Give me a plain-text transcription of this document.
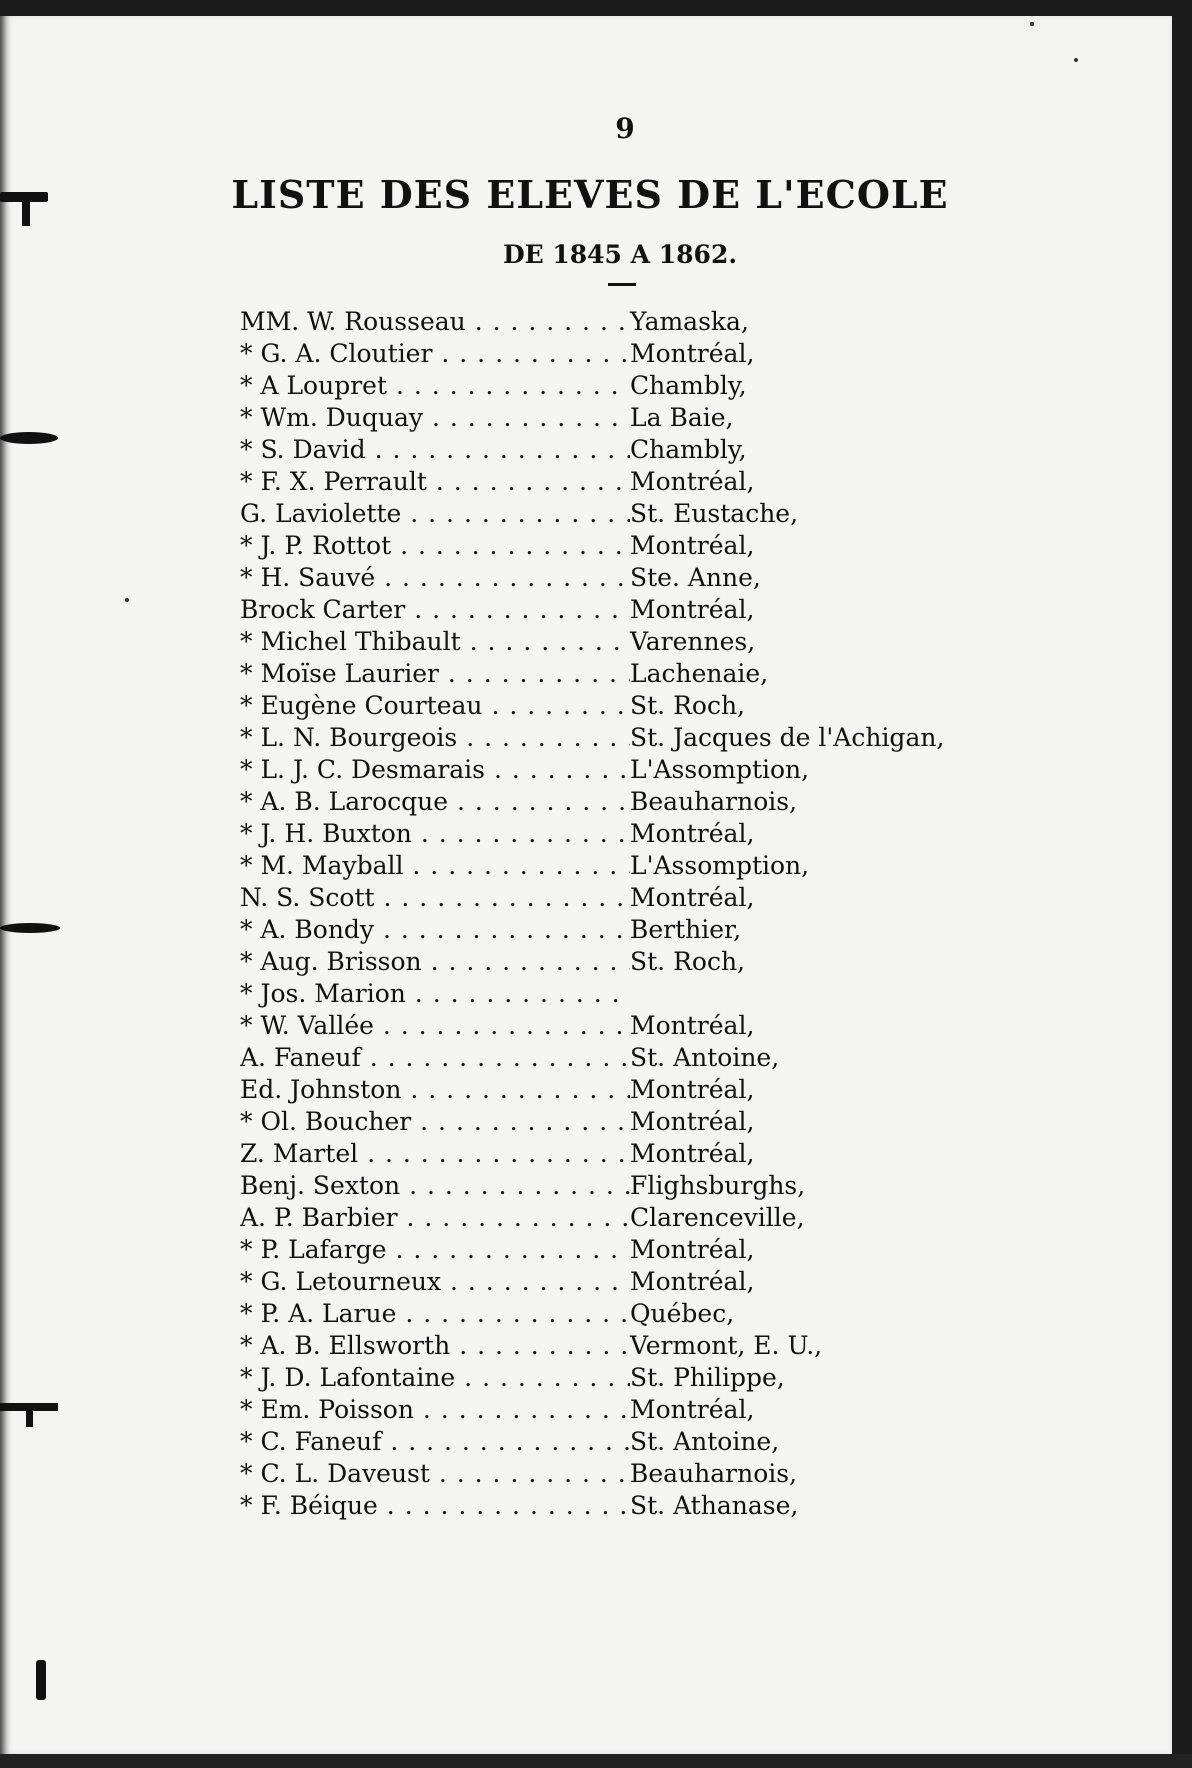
9
LISTE DES ELEVES DE L'ECOLE
DE 1845 A 1862.
MM. W. Rousseau . . .	Yamaska,
* G. A. Cloutier . . .	Montréal,
* A Loupret . . .	Chambly,
* Wm. Duquay . . .	La Baie,
* S. David . . .	Chambly,
* F. X. Perrault . . .	Montréal,
G. Laviolette . . .	St. Eustache,
* J. P. Rottot . . .	Montréal,
* H. Sauvé . . .	Ste. Anne,
Brock Carter . . .	Montréal,
* Michel Thibault . . .	Varennes,
* Moïse Laurier . . .	Lachenaie,
* Eugène Courteau . . .	St. Roch,
* L. N. Bourgeois . . .	St. Jacques de l'Achigan,
* L. J. C. Desmarais . . .	L'Assomption,
* A. B. Larocque . . .	Beauharnois,
* J. H. Buxton . . .	Montréal,
* M. Mayball . . .	L'Assomption,
N. S. Scott . . .	Montréal,
* A. Bondy . . .	Berthier,
* Aug. Brisson . . .	St. Roch,
* Jos. Marion . . .
* W. Vallée . . .	Montréal,
A. Faneuf . . .	St. Antoine,
Ed. Johnston . . .	Montréal,
* Ol. Boucher . . .	Montréal,
Z. Martel . . .	Montréal,
Benj. Sexton . . .	Flighsburghs,
A. P. Barbier . . .	Clarenceville,
* P. Lafarge . . .	Montréal,
* G. Letourneux . . .	Montréal,
* P. A. Larue . . .	Québec,
* A. B. Ellsworth . . .	Vermont, E. U.,
* J. D. Lafontaine . . .	St. Philippe,
* Em. Poisson . . .	Montréal,
* C. Faneuf . . .	St. Antoine,
* C. L. Daveust . . .	Beauharnois,
* F. Béique . . .	St. Athanase,
